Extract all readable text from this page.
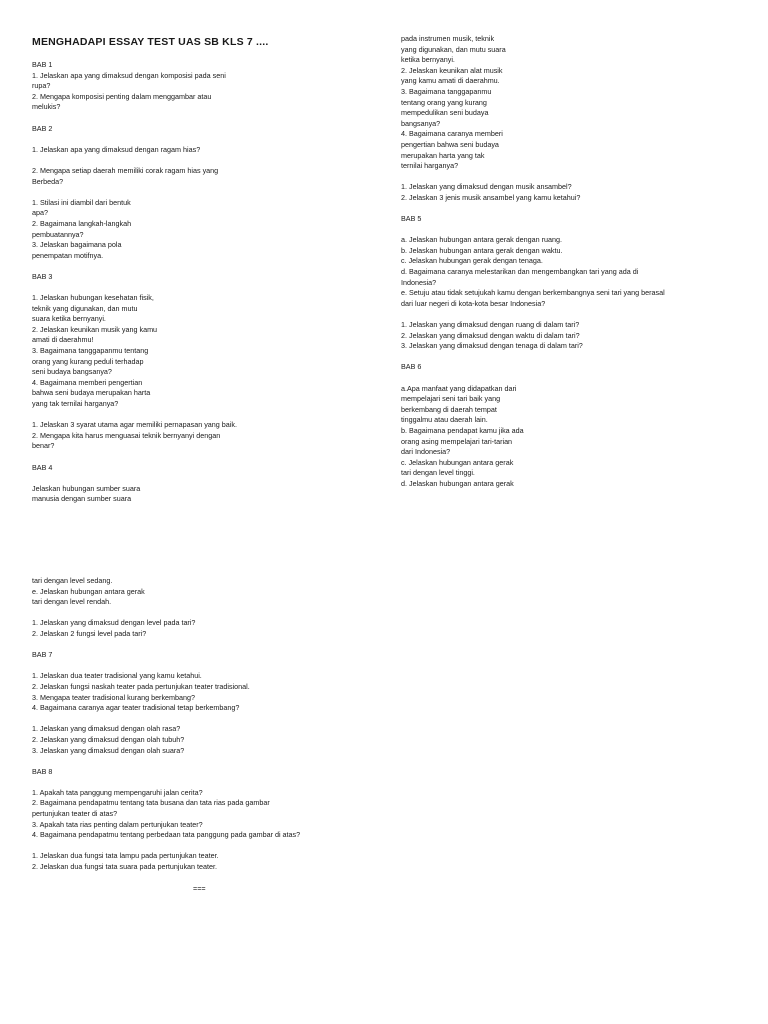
MENGHADAPI ESSAY TEST UAS SB KLS 7 ....
BAB 1
1. Jelaskan apa yang dimaksud dengan komposisi pada seni
rupa?
2. Mengapa komposisi penting dalam menggambar atau
melukis?
BAB 2
1. Jelaskan apa yang dimaksud dengan ragam hias?
2. Mengapa setiap daerah memiliki corak ragam hias yang
Berbeda?
1. Stilasi ini diambil dari bentuk
apa?
2. Bagaimana langkah-langkah
pembuatannya?
3. Jelaskan bagaimana pola
penempatan motifnya.
BAB 3
1. Jelaskan hubungan kesehatan fisik,
teknik yang digunakan, dan mutu
suara ketika bernyanyi.
2. Jelaskan keunikan musik yang kamu
amati di daerahmu!
3. Bagaimana tanggapanmu tentang
orang yang kurang peduli terhadap
seni budaya bangsanya?
4. Bagaimana memberi pengertian
bahwa seni budaya merupakan harta
yang tak ternilai harganya?
1. Jelaskan 3 syarat utama agar memiliki pernapasan yang baik.
2. Mengapa kita harus menguasai teknik bernyanyi dengan
benar?
BAB 4
Jelaskan hubungan sumber suara
manusia dengan sumber suara
pada instrumen musik, teknik
yang digunakan, dan mutu suara
ketika bernyanyi.
2. Jelaskan keunikan alat musik
yang kamu amati di daerahmu.
3. Bagaimana tanggapanmu
tentang orang yang kurang
mempedulikan seni budaya
bangsanya?
4. Bagaimana caranya memberi
pengertian bahwa seni budaya
merupakan harta yang tak
ternilai harganya?
1. Jelaskan yang dimaksud dengan musik ansambel?
2. Jelaskan 3 jenis musik ansambel yang kamu ketahui?
BAB 5
a. Jelaskan hubungan antara gerak dengan ruang.
b. Jelaskan hubungan antara gerak dengan waktu.
c. Jelaskan hubungan gerak dengan tenaga.
d. Bagaimana caranya melestarikan dan mengembangkan tari yang ada di
Indonesia?
e. Setuju atau tidak setujukah kamu dengan berkembangnya seni tari yang berasal
dari luar negeri di kota-kota besar Indonesia?
1. Jelaskan yang dimaksud dengan ruang di dalam tari?
2. Jelaskan yang dimaksud dengan waktu di dalam tari?
3. Jelaskan yang dimaksud dengan tenaga di dalam tari?
BAB 6
a.Apa manfaat yang didapatkan dari
mempelajari seni tari baik yang
berkembang di daerah tempat
tinggalmu atau daerah lain.
b. Bagaimana pendapat kamu jika ada
orang asing mempelajari tari-tarian
dari Indonesia?
c. Jelaskan hubungan antara gerak
tari dengan level tinggi.
d. Jelaskan hubungan antara gerak
tari dengan level sedang.
e. Jelaskan hubungan antara gerak
tari dengan level rendah.
1. Jelaskan yang dimaksud dengan level pada tari?
2. Jelaskan 2 fungsi level pada tari?
BAB 7
1. Jelaskan dua teater tradisional yang kamu ketahui.
2. Jelaskan fungsi naskah teater pada pertunjukan teater tradisional.
3. Mengapa teater tradisional kurang berkembang?
4. Bagaimana caranya agar teater tradisional tetap berkembang?
1. Jelaskan yang dimaksud dengan olah rasa?
2. Jelaskan yang dimaksud dengan olah tubuh?
3. Jelaskan yang dimaksud dengan olah suara?
BAB 8
1. Apakah tata panggung mempengaruhi jalan cerita?
2. Bagaimana pendapatmu tentang tata busana dan tata rias pada gambar
pertunjukan teater di atas?
3. Apakah tata rias penting dalam pertunjukan teater?
4. Bagaimana pendapatmu tentang perbedaan tata panggung pada gambar di atas?
1. Jelaskan dua fungsi tata lampu pada pertunjukan teater.
2. Jelaskan dua fungsi tata suara pada pertunjukan teater.
===
